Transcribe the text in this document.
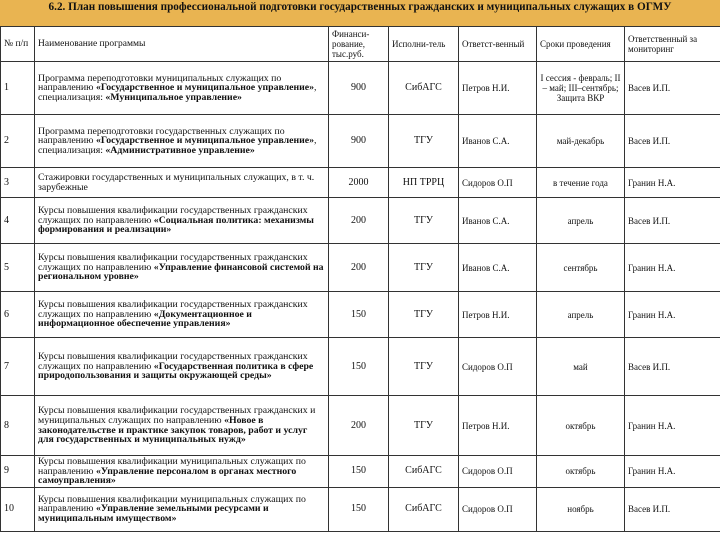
6.2. План повышения профессиональной подготовки государственных гражданских и муниципальных служащих в ОГМУ
№ п/п	Наименование программы	Финанси-рование, тыс.руб.	Исполни-тель	Ответст-венный	Сроки проведения	Ответственный за мониторинг
1	Программа переподготовки муниципальных служащих по направлению «Государственное и муниципальное управление», специализация: «Муниципальное управление»	900	СибАГС	Петров Н.И.	I сессия - февраль; II – май; III–сентябрь; Защита ВКР	Васев И.П.
2	Программа переподготовки государственных служащих по направлению «Государственное и муниципальное управление», специализация: «Административное управление»	900	ТГУ	Иванов С.А.	май-декабрь	Васев И.П.
3	Стажировки государственных и муниципальных служащих, в т. ч. зарубежные	2000	НП ТРРЦ	Сидоров О.П	в течение года	Гранин Н.А.
4	Курсы повышения квалификации государственных гражданских служащих по направлению «Социальная политика: механизмы формирования и реализации»	200	ТГУ	Иванов С.А.	апрель	Васев И.П.
5	Курсы повышения квалификации государственных гражданских служащих по направлению «Управление финансовой системой на региональном уровне»	200	ТГУ	Иванов С.А.	сентябрь	Гранин Н.А.
6	Курсы повышения квалификации государственных гражданских служащих по направлению «Документационное и информационное обеспечение управления»	150	ТГУ	Петров Н.И.	апрель	Гранин Н.А.
7	Курсы повышения квалификации государственных гражданских служащих по направлению «Государственная политика в сфере природопользования и защиты окружающей среды»	150	ТГУ	Сидоров О.П	май	Васев И.П.
8	Курсы повышения квалификации государственных гражданских и муниципальных служащих по направлению «Новое в законодательстве и практике закупок товаров, работ и услуг для государственных и муниципальных нужд»	200	ТГУ	Петров Н.И.	октябрь	Гранин Н.А.
9	Курсы повышения квалификации муниципальных служащих по направлению «Управление персоналом в органах местного самоуправления»	150	СибАГС	Сидоров О.П	октябрь	Гранин Н.А.
10	Курсы повышения квалификации муниципальных служащих по направлению «Управление земельными ресурсами и муниципальным имуществом»	150	СибАГС	Сидоров О.П	ноябрь	Васев И.П.
